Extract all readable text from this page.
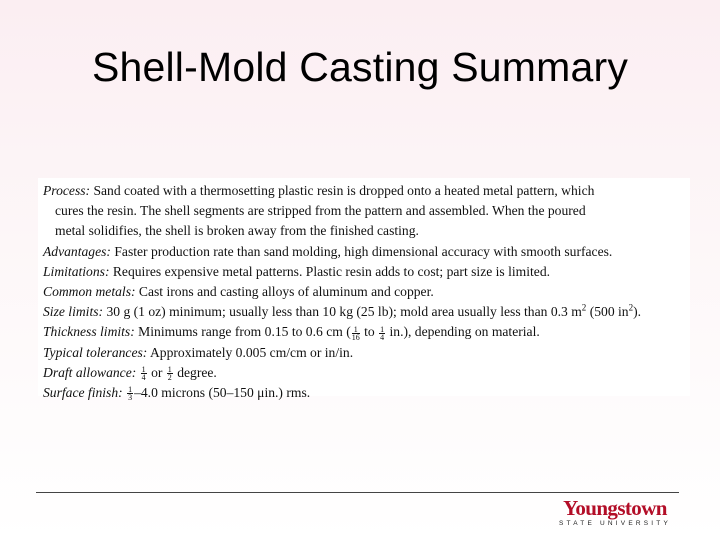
Shell-Mold Casting Summary
Process: Sand coated with a thermosetting plastic resin is dropped onto a heated metal pattern, which
cures the resin. The shell segments are stripped from the pattern and assembled. When the poured
metal solidifies, the shell is broken away from the finished casting.
Advantages: Faster production rate than sand molding, high dimensional accuracy with smooth surfaces.
Limitations: Requires expensive metal patterns. Plastic resin adds to cost; part size is limited.
Common metals: Cast irons and casting alloys of aluminum and copper.
Size limits: 30 g (1 oz) minimum; usually less than 10 kg (25 lb); mold area usually less than 0.3 $m^2$ (500 $in^2$).
Thickness limits: Minimums range from 0.15 to 0.6 cm ( $\frac{1}{16}$ to $\frac{1}{4} in$.), depending on material.
Typical tolerances: Approximately 0.005 cm/cm or in/in.
Draft allowance: $\frac{1}{4}$ or $\frac{1}{2}$ degree.
Surface finish: $\frac{1}{3} -4.0$ microns (50–150 μin.) rms.
Youngstown
STATE UNIVERSITY
